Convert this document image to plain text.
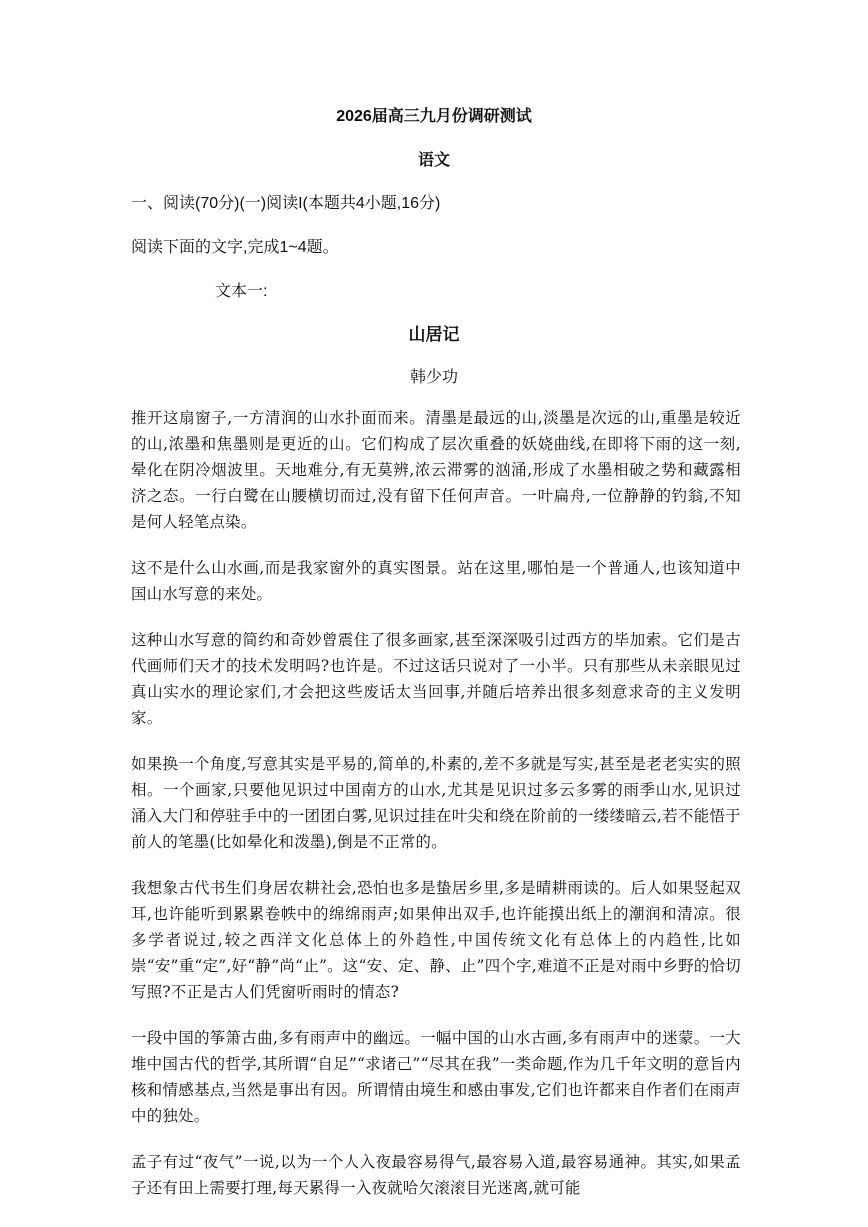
2026届高三九月份调研测试
语文
一、阅读(70分)(一)阅读I(本题共4小题,16分)
阅读下面的文字,完成1~4题。
文本一:
山居记
韩少功

推开这扇窗子,一方清润的山水扑面而来。清墨是最远的山,淡墨是次远的山,重墨是较近的山,浓墨和焦墨则是更近的山。它们构成了层次重叠的妖娆曲线,在即将下雨的这一刻,晕化在阴冷烟波里。天地难分,有无莫辨,浓云滞雾的汹涌,形成了水墨相破之势和藏露相济之态。一行白鹭在山腰横切而过,没有留下任何声音。一叶扁舟,一位静静的钓翁,不知是何人轻笔点染。

这不是什么山水画,而是我家窗外的真实图景。站在这里,哪怕是一个普通人,也该知道中国山水写意的来处。

这种山水写意的简约和奇妙曾震住了很多画家,甚至深深吸引过西方的毕加索。它们是古代画师们天才的技术发明吗?也许是。不过这话只说对了一小半。只有那些从未亲眼见过真山实水的理论家们,才会把这些废话太当回事,并随后培养出很多刻意求奇的主义发明家。

如果换一个角度,写意其实是平易的,简单的,朴素的,差不多就是写实,甚至是老老实实的照相。一个画家,只要他见识过中国南方的山水,尤其是见识过多云多雾的雨季山水,见识过涌入大门和停驻手中的一团团白雾,见识过挂在叶尖和绕在阶前的一缕缕暗云,若不能悟于前人的笔墨(比如晕化和泼墨),倒是不正常的。

我想象古代书生们身居农耕社会,恐怕也多是蛰居乡里,多是晴耕雨读的。后人如果竖起双耳,也许能听到累累卷帙中的绵绵雨声;如果伸出双手,也许能摸出纸上的潮润和清凉。很多学者说过,较之西洋文化总体上的外趋性,中国传统文化有总体上的内趋性,比如崇“安”重“定”,好“静”尚“止”。这“安、定、静、止”四个字,难道不正是对雨中乡野的恰切写照?不正是古人们凭窗听雨时的情态?

一段中国的筝箫古曲,多有雨声中的幽远。一幅中国的山水古画,多有雨声中的迷蒙。一大堆中国古代的哲学,其所谓“自足”“求诸己”“尽其在我”一类命题,作为几千年文明的意旨内核和情感基点,当然是事出有因。所谓情由境生和感由事发,它们也许都来自作者们在雨声中的独处。

孟子有过“夜气”一说,以为一个人入夜最容易得气,最容易入道,最容易通神。其实,如果孟子还有田上需要打理,每天累得一入夜就哈欠滚滚目光迷离,就可能
